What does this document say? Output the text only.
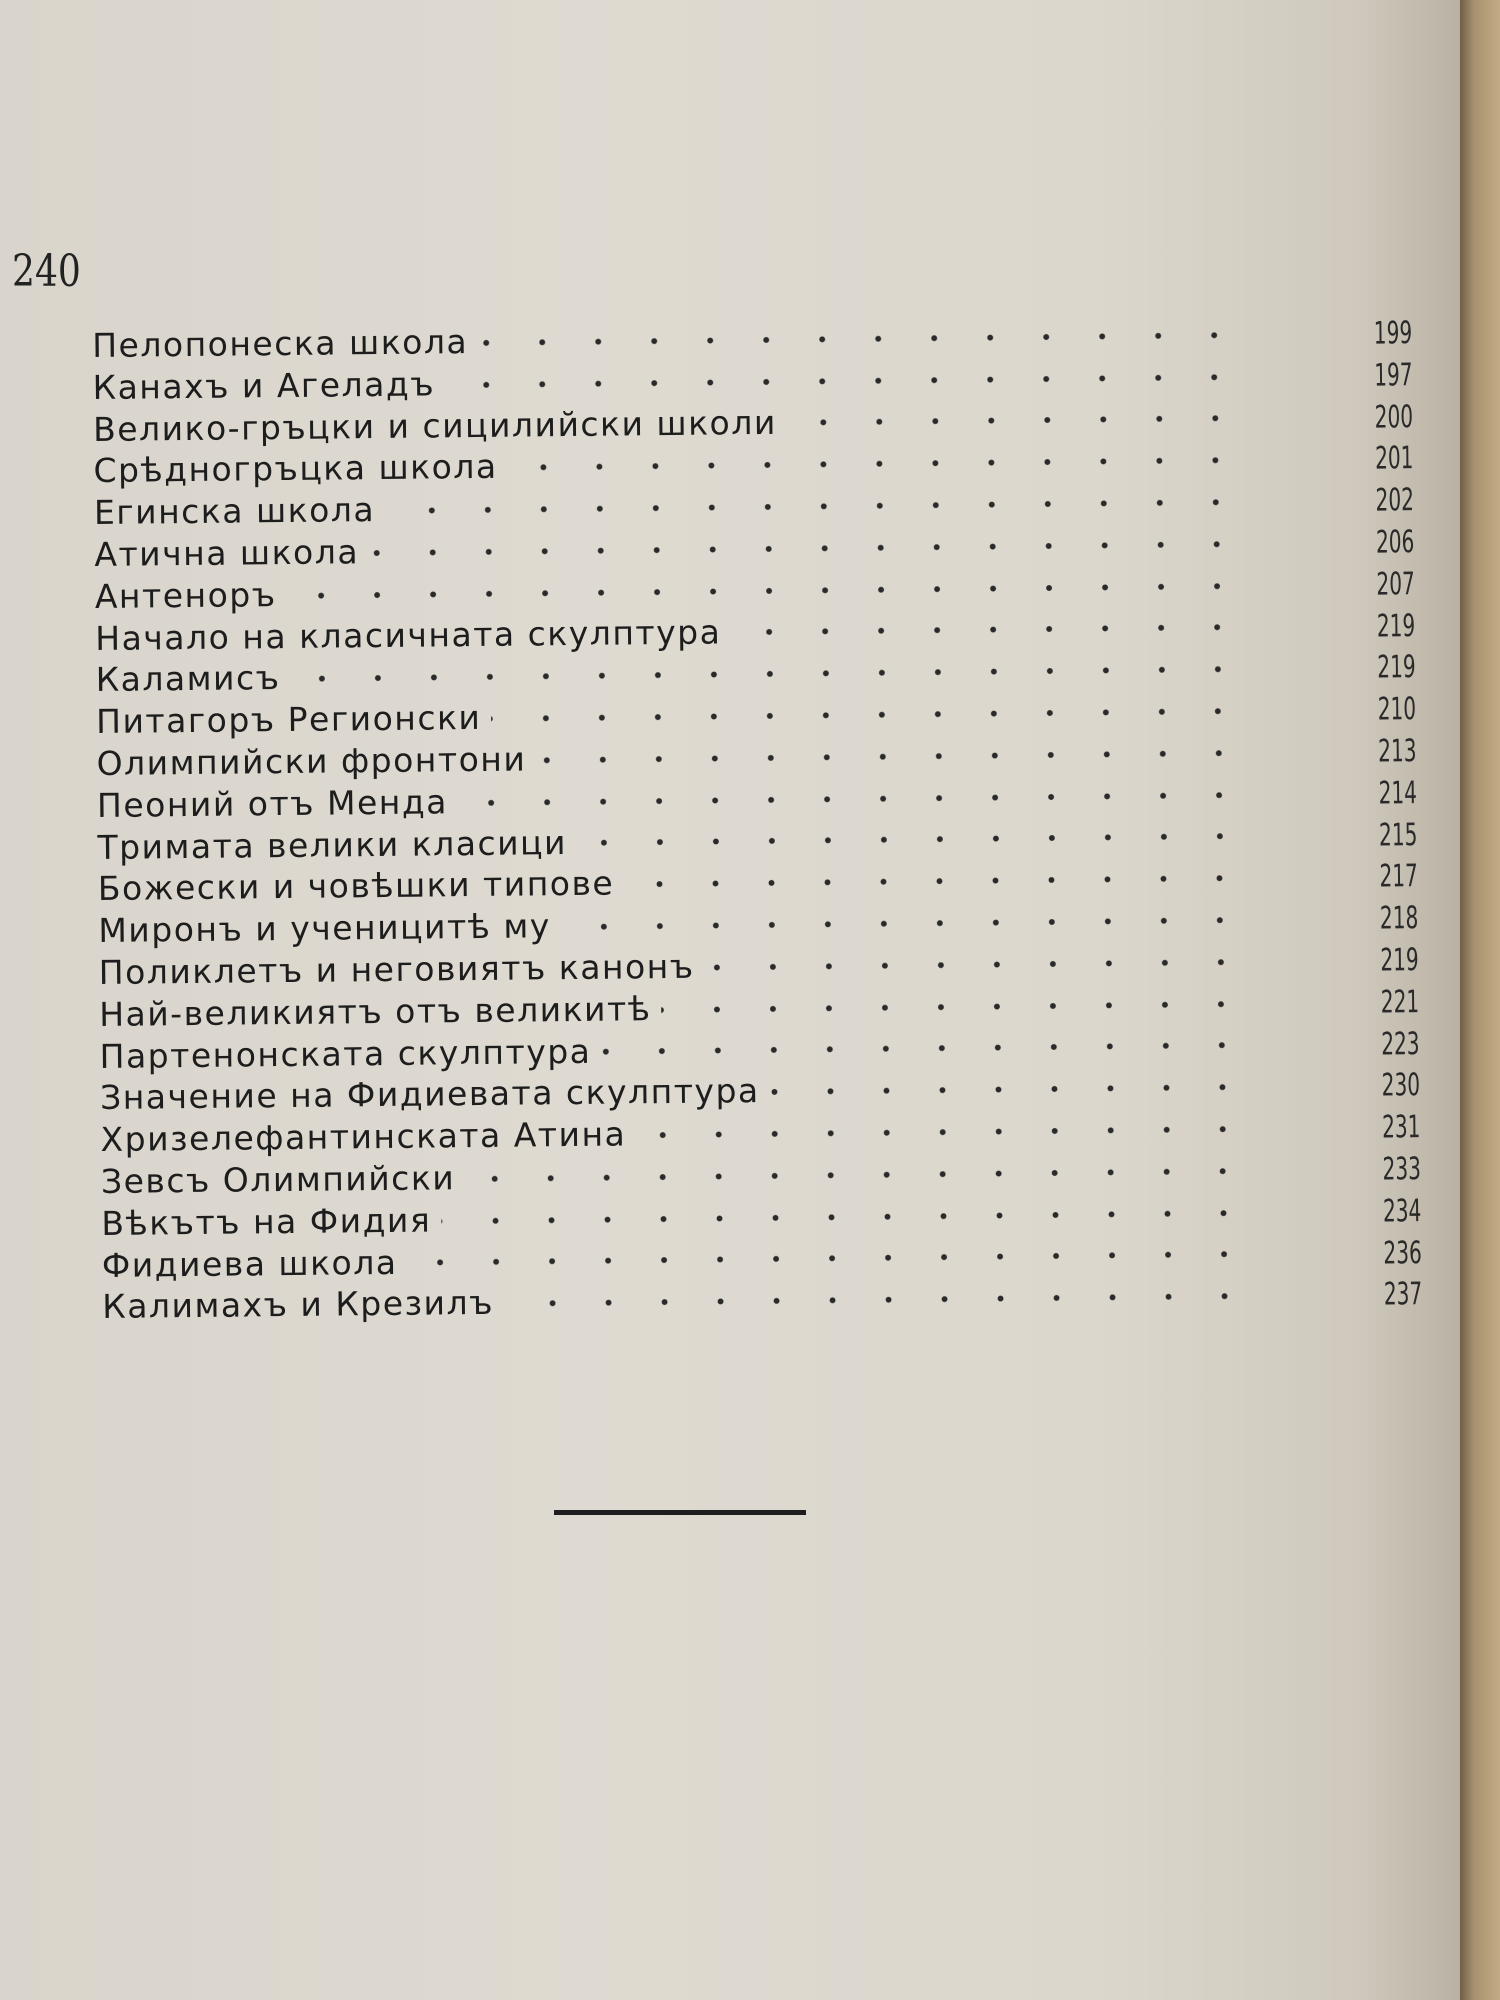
240
Пелопонеска школа	199
Канахъ и Агеладъ	197
Велико-гръцки и сицилийски школи	200
Срѣдногръцка школа	201
Егинска школа	202
Атична школа	206
Антеноръ	207
Начало на класичната скулптура	219
Каламисъ	219
Питагоръ Регионски	210
Олимпийски фронтони	213
Пеоний отъ Менда	214
Тримата велики класици	215
Божески и човѣшки типове	217
Миронъ и ученицитѣ му	218
Поликлетъ и неговиятъ канонъ	219
Най-великиятъ отъ великитѣ	221
Партенонската скулптура	223
Значение на Фидиевата скулптура	230
Хризелефантинската Атина	231
Зевсъ Олимпийски	233
Вѣкътъ на Фидия	234
Фидиева школа	236
Калимахъ и Крезилъ	237
